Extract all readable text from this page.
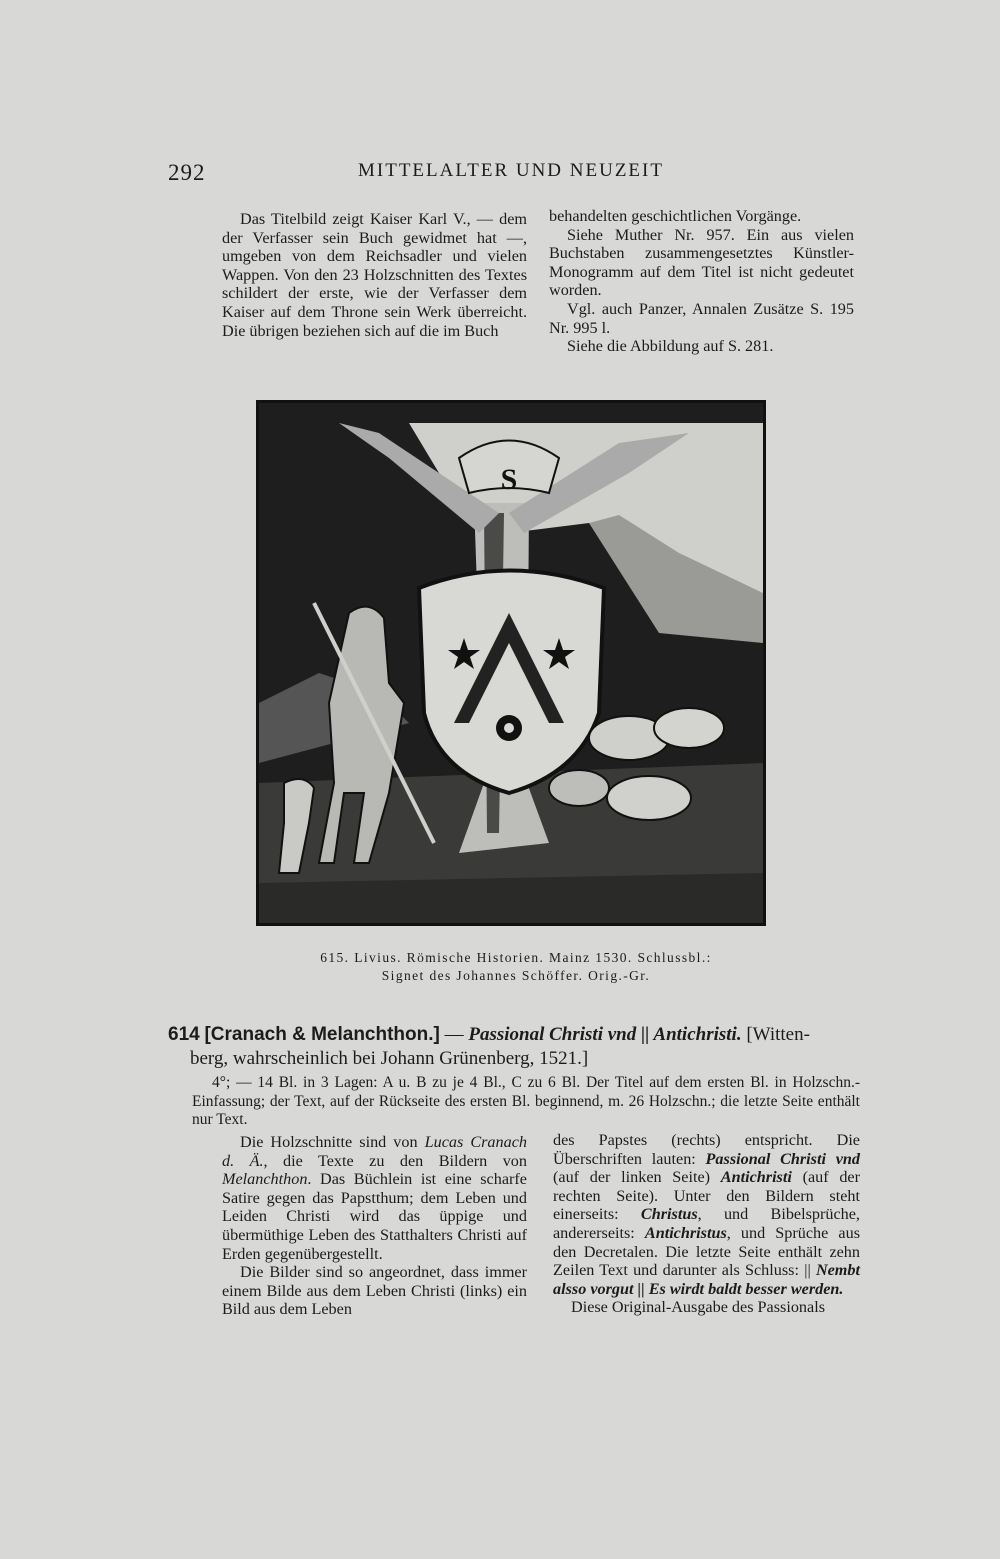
292	MITTELALTER UND NEUZEIT

Das Titelbild zeigt Kaiser Karl V., — dem der Verfasser sein Buch gewidmet hat —, umgeben von dem Reichsadler und vielen Wappen. Von den 23 Holzschnitten des Textes schildert der erste, wie der Verfasser dem Kaiser auf dem Throne sein Werk überreicht. Die übrigen beziehen sich auf die im Buch

behandelten geschichtlichen Vorgänge.

Siehe Muther Nr. 957. Ein aus vielen Buchstaben zusammengesetztes Künstler-Monogramm auf dem Titel ist nicht gedeutet worden.

Vgl. auch Panzer, Annalen Zusätze S. 195 Nr. 995 l.

Siehe die Abbildung auf S. 281.

S
615. Livius. Römische Historien. Mainz 1530. Schlussbl.:
Signet des Johannes Schöffer. Orig.-Gr.
614 [Cranach & Melanchthon.] — Passional Christi vnd || Antichristi. [Witten-
berg, wahrscheinlich bei Johann Grünenberg, 1521.]

4°; — 14 Bl. in 3 Lagen: A u. B zu je 4 Bl., C zu 6 Bl. Der Titel auf dem ersten Bl. in Holzschn.-Einfassung; der Text, auf der Rückseite des ersten Bl. beginnend, m. 26 Holzschn.; die letzte Seite enthält nur Text.

Die Holzschnitte sind von Lucas Cranach d. Ä., die Texte zu den Bildern von Melanchthon. Das Büchlein ist eine scharfe Satire gegen das Papstthum; dem Leben und Leiden Christi wird das üppige und übermüthige Leben des Statthalters Christi auf Erden gegenübergestellt.

Die Bilder sind so angeordnet, dass immer einem Bilde aus dem Leben Christi (links) ein Bild aus dem Leben

des Papstes (rechts) entspricht. Die Überschriften lauten: Passional Christi vnd (auf der linken Seite) Antichristi (auf der rechten Seite). Unter den Bildern steht einerseits: Christus, und Bibelsprüche, andererseits: Antichristus, und Sprüche aus den Decretalen. Die letzte Seite enthält zehn Zeilen Text und darunter als Schluss: || Nembt alsso vorgut || Es wirdt baldt besser werden.

Diese Original-Ausgabe des Passionals
